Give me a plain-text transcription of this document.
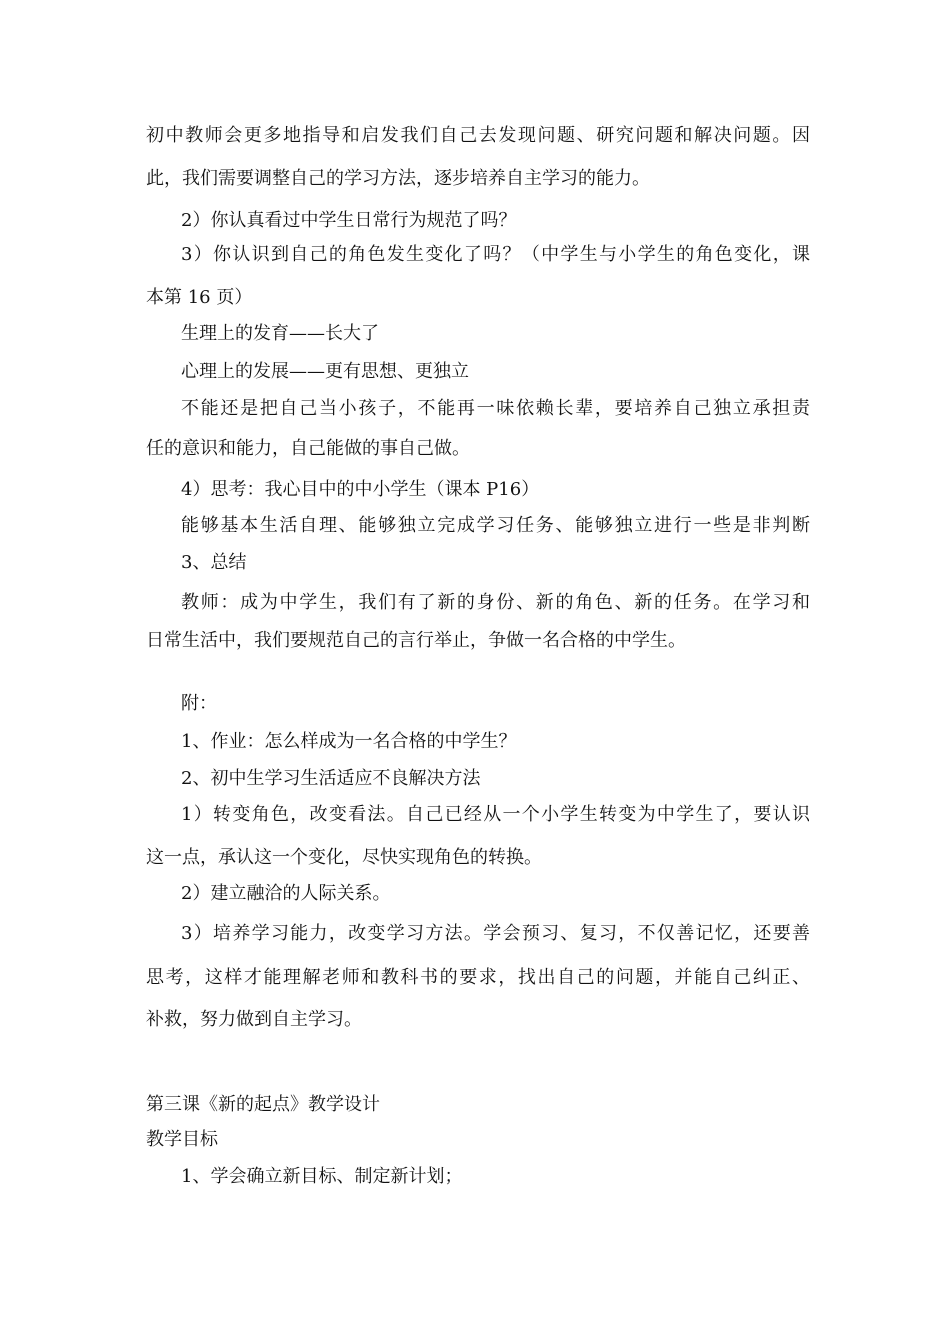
初中教师会更多地指导和启发我们自己去发现问题、研究问题和解决问题。因
此，我们需要调整自己的学习方法，逐步培养自主学习的能力。
2）你认真看过中学生日常行为规范了吗？
3）你认识到自己的角色发生变化了吗？（中学生与小学生的角色变化，课
本第 16 页）
生理上的发育——长大了
心理上的发展——更有思想、更独立
不能还是把自己当小孩子，不能再一味依赖长辈，要培养自己独立承担责
任的意识和能力，自己能做的事自己做。
4）思考：我心目中的中小学生（课本 P16）
能够基本生活自理、能够独立完成学习任务、能够独立进行一些是非判断
3、总结
教师：成为中学生，我们有了新的身份、新的角色、新的任务。在学习和
日常生活中，我们要规范自己的言行举止，争做一名合格的中学生。
附：
1、作业：怎么样成为一名合格的中学生？
2、初中生学习生活适应不良解决方法
1）转变角色，改变看法。自己已经从一个小学生转变为中学生了，要认识
这一点，承认这一个变化，尽快实现角色的转换。
2）建立融洽的人际关系。
3）培养学习能力，改变学习方法。学会预习、复习，不仅善记忆，还要善
思考，这样才能理解老师和教科书的要求，找出自己的问题，并能自己纠正、
补救，努力做到自主学习。
第三课《新的起点》教学设计
教学目标
1、学会确立新目标、制定新计划；
